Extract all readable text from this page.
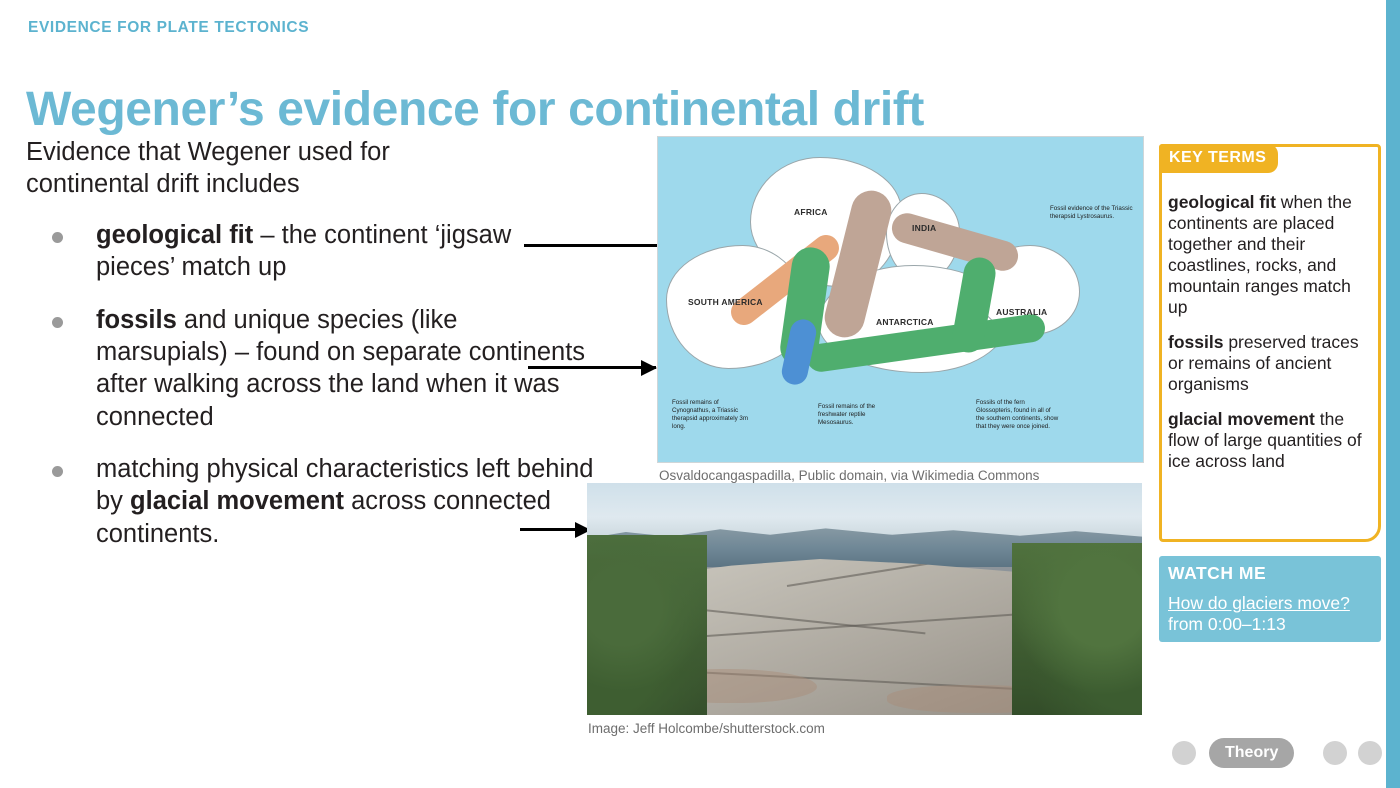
EVIDENCE FOR PLATE TECTONICS
Wegener’s evidence for continental drift

Evidence that Wegener used for continental drift includes

geological fit – the continent ‘jigsaw pieces’ match up
fossils and unique species (like marsupials) – found on separate continents after walking across the land when it was connected
matching physical characteristics left behind by glacial movement across connected continents.
AFRICA
INDIA
SOUTH AMERICA
ANTARCTICA
AUSTRALIA
Fossil evidence of the Triassic therapsid Lystrosaurus.
Fossil remains of Cynognathus, a Triassic therapsid approximately 3m long.
Fossil remains of the freshwater reptile Mesosaurus.
Fossils of the fern Glossopteris, found in all of the southern continents, show that they were once joined.
Osvaldocangaspadilla, Public domain, via Wikimedia Commons
Image: Jeff Holcombe/shutterstock.com
KEY TERMS

geological fit when the continents are placed together and their coastlines, rocks, and mountain ranges match up

fossils preserved traces or remains of ancient organisms

glacial movement the flow of large quantities of ice across land

WATCH ME
How do glaciers move? from 0:00–1:13
Theory
